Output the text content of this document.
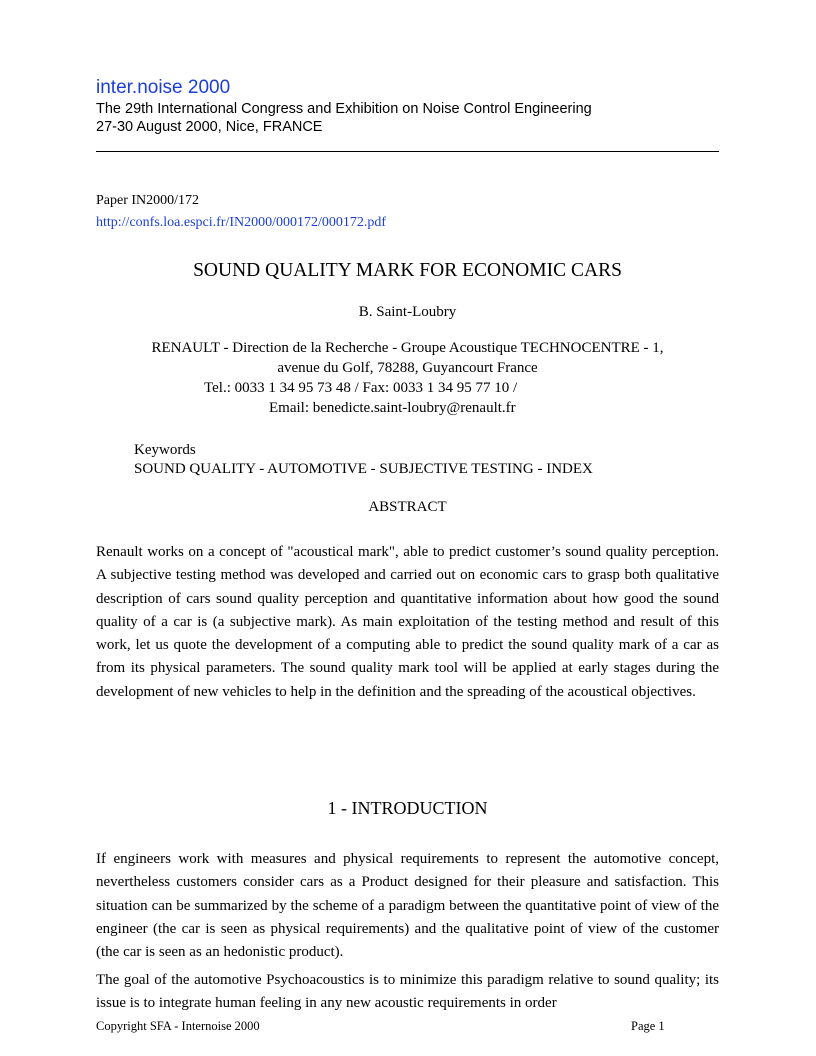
inter.noise 2000
The 29th International Congress and Exhibition on Noise Control Engineering
27-30 August 2000, Nice, FRANCE
Paper IN2000/172
http://confs.loa.espci.fr/IN2000/000172/000172.pdf
SOUND QUALITY MARK FOR ECONOMIC CARS
B. Saint-Loubry
RENAULT - Direction de la Recherche - Groupe Acoustique TECHNOCENTRE - 1,
avenue du Golf, 78288, Guyancourt France
Tel.: 0033 1 34 95 73 48 / Fax: 0033 1 34 95 77 10 /
Email: benedicte.saint-loubry@renault.fr
Keywords
SOUND QUALITY - AUTOMOTIVE - SUBJECTIVE TESTING - INDEX
ABSTRACT

Renault works on a concept of "acoustical mark", able to predict customer’s sound quality perception. A subjective testing method was developed and carried out on economic cars to grasp both qualitative description of cars sound quality perception and quantitative information about how good the sound quality of a car is (a subjective mark). As main exploitation of the testing method and result of this work, let us quote the development of a computing able to predict the sound quality mark of a car as from its physical parameters. The sound quality mark tool will be applied at early stages during the development of new vehicles to help in the definition and the spreading of the acoustical objectives.

1 - INTRODUCTION

If engineers work with measures and physical requirements to represent the automotive concept, nevertheless customers consider cars as a Product designed for their pleasure and satisfaction. This situation can be summarized by the scheme of a paradigm between the quantitative point of view of the engineer (the car is seen as physical requirements) and the qualitative point of view of the customer (the car is seen as an hedonistic product).

The goal of the automotive Psychoacoustics is to minimize this paradigm relative to sound quality; its issue is to integrate human feeling in any new acoustic requirements in order

Copyright SFA - Internoise 2000	Page 1
